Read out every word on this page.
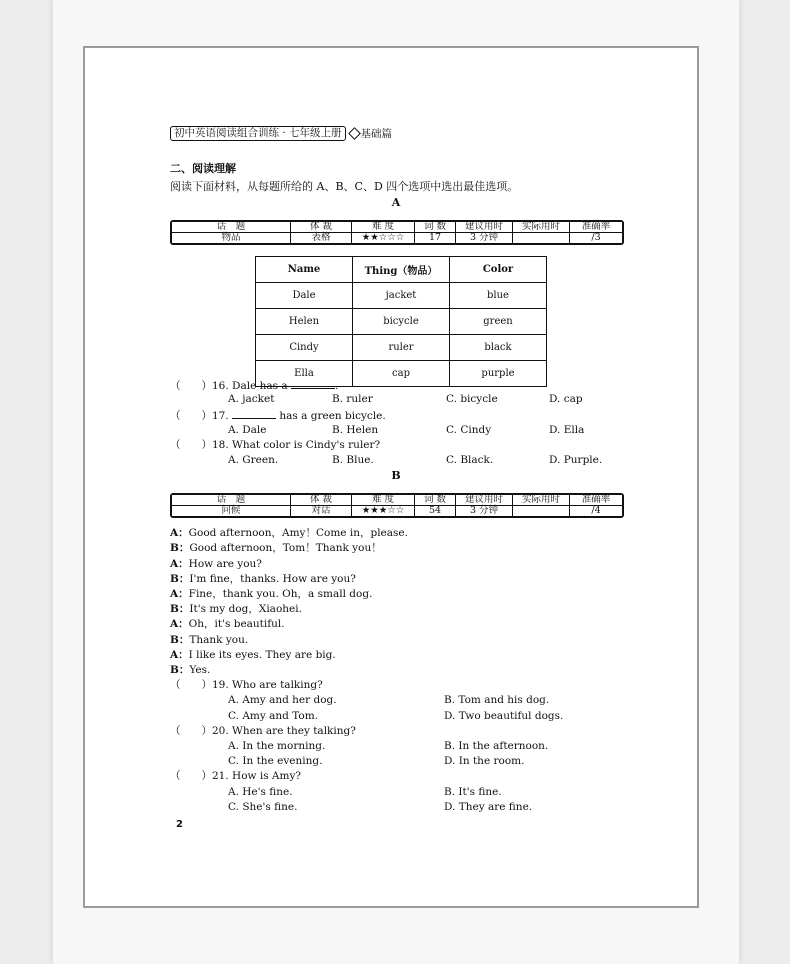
初中英语阅读组合训练 · 七年级上册	基础篇
二、阅读理解
阅读下面材料，从每题所给的 A、B、C、D 四个选项中选出最佳选项。
A
话　题	体 裁	难 度	词 数	建议用时	实际用时	准确率
物品	表格	★★☆☆☆	17	3 分钟		/3
Name	Thing（物品）	Color
Dale	jacket	blue
Helen	bicycle	green
Cindy	ruler	black
Ella	cap	purple
（　　）16. Dale has a	.
A. jacket	B. ruler	C. bicycle	D. cap
（　　）17.	has a green bicycle.
A. Dale	B. Helen	C. Cindy	D. Ella
（　　）18. What color is Cindy's ruler?
A. Green.	B. Blue.	C. Black.	D. Purple.
B
话　题	体 裁	难 度	词 数	建议用时	实际用时	准确率
问候	对话	★★★☆☆	54	3 分钟		/4
A：Good afternoon，Amy！Come in，please.
B：Good afternoon，Tom！Thank you！
A：How are you?
B：I'm fine，thanks. How are you?
A：Fine，thank you. Oh，a small dog.
B：It's my dog，Xiaohei.
A：Oh，it's beautiful.
B：Thank you.
A：I like its eyes. They are big.
B：Yes.
（　　）19. Who are talking?
A. Amy and her dog.	B. Tom and his dog.
C. Amy and Tom.	D. Two beautiful dogs.
（　　）20. When are they talking?
A. In the morning.	B. In the afternoon.
C. In the evening.	D. In the room.
（　　）21. How is Amy?
A. He's fine.	B. It's fine.
C. She's fine.	D. They are fine.
2
